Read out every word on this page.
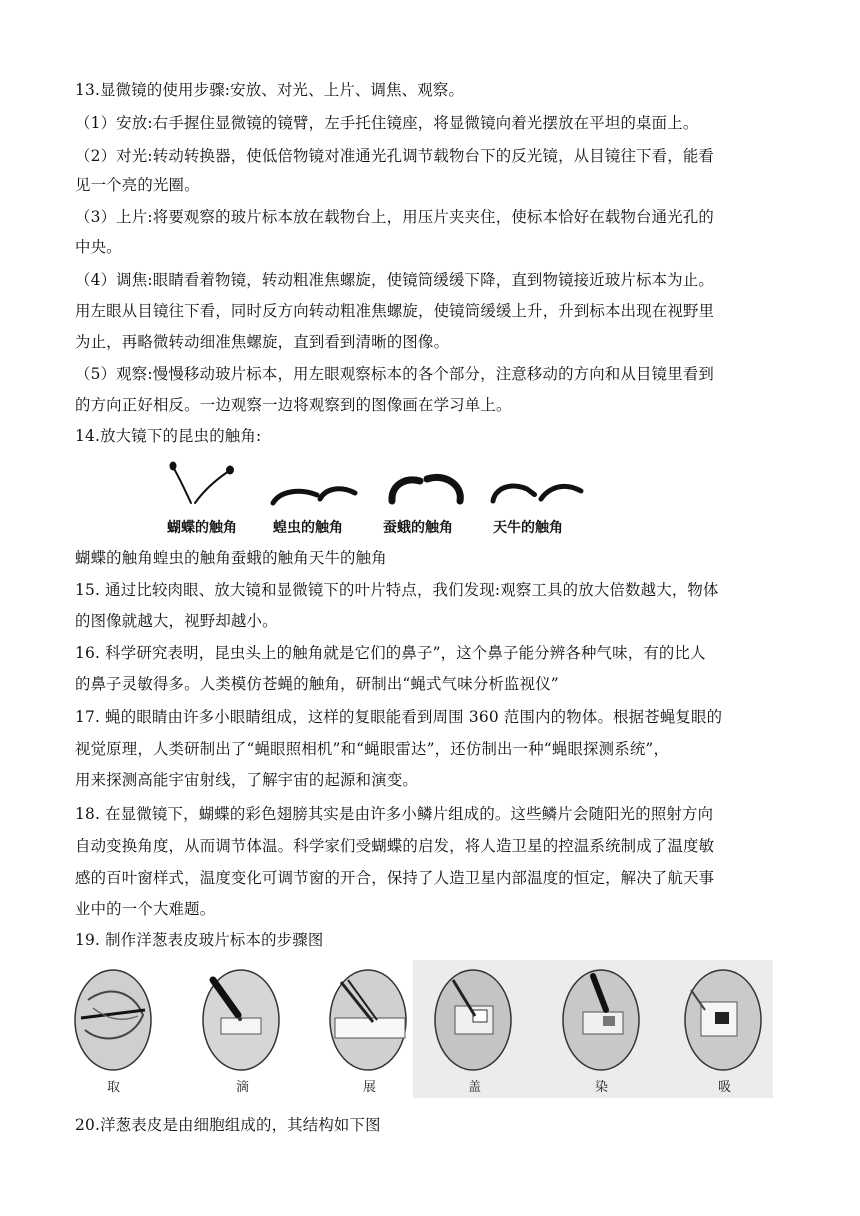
13.显微镜的使用步骤:安放、对光、上片、调焦、观察。
（1）安放:右手握住显微镜的镜臂，左手托住镜座，将显微镜向着光摆放在平坦的桌面上。
（2）对光:转动转换器，使低倍物镜对准通光孔调节载物台下的反光镜，从目镜往下看，能看
见一个亮的光圈。
（3）上片:将要观察的玻片标本放在载物台上，用压片夹夹住，使标本恰好在载物台通光孔的
中央。
（4）调焦:眼睛看着物镜，转动粗准焦螺旋，使镜筒缓缓下降，直到物镜接近玻片标本为止。
用左眼从目镜往下看，同时反方向转动粗准焦螺旋，使镜筒缓缓上升，升到标本出现在视野里
为止，再略微转动细准焦螺旋，直到看到清晰的图像。
（5）观察:慢慢移动玻片标本，用左眼观察标本的各个部分，注意移动的方向和从目镜里看到
的方向正好相反。一边观察一边将观察到的图像画在学习单上。
14.放大镜下的昆虫的触角:
蝴蝶的触角	蝗虫的触角	蚕蛾的触角	天牛的触角
蝴蝶的触角蝗虫的触角蚕蛾的触角天牛的触角
15. 通过比较肉眼、放大镜和显微镜下的叶片特点，我们发现:观察工具的放大倍数越大，物体
的图像就越大，视野却越小。
16. 科学研究表明，昆虫头上的触角就是它们的鼻子”，这个鼻子能分辨各种气味，有的比人
的鼻子灵敏得多。人类模仿苍蝇的触角，研制出“蝇式气味分析监视仪”
17. 蝇的眼睛由许多小眼睛组成，这样的复眼能看到周围 360 范围内的物体。根据苍蝇复眼的
视觉原理，人类研制出了“蝇眼照相机”和“蝇眼雷达”，还仿制出一种“蝇眼探测系统”，
用来探测高能宇宙射线，了解宇宙的起源和演变。
18. 在显微镜下，蝴蝶的彩色翅膀其实是由许多小鳞片组成的。这些鳞片会随阳光的照射方向
自动变换角度，从而调节体温。科学家们受蝴蝶的启发，将人造卫星的控温系统制成了温度敏
感的百叶窗样式，温度变化可调节窗的开合，保持了人造卫星内部温度的恒定，解决了航天事
业中的一个大难题。
19. 制作洋葱表皮玻片标本的步骤图
取	滴	展	盖	染	吸
20.洋葱表皮是由细胞组成的，其结构如下图
